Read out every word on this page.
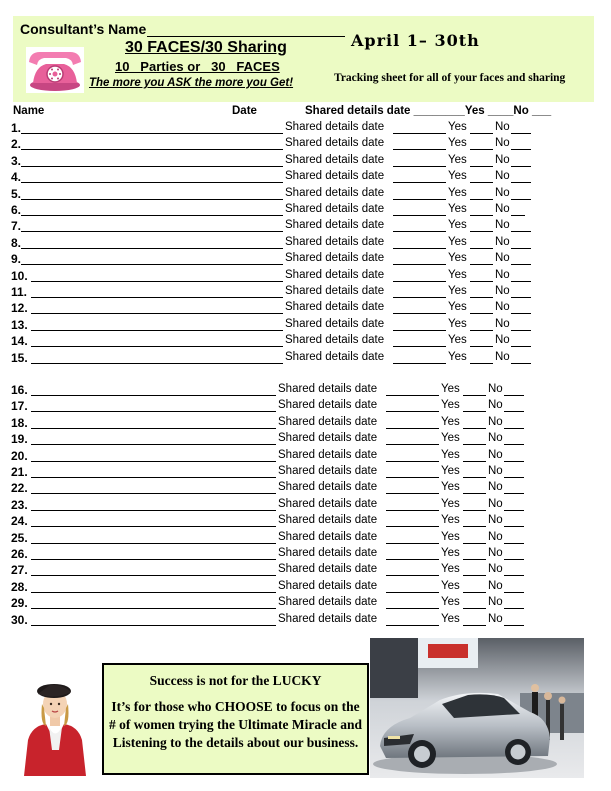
Consultant’s Name
30 FACES/30 Sharing
10   Parties or   30   FACES
The more you ASK the more you Get!
April 1– 30th
Tracking sheet for all of your faces and sharing
Name	Date	Shared details date ________Yes ____No ___
1.	Shared details date	Yes No
2.	Shared details date	Yes No
3.	Shared details date	Yes No
4.	Shared details date	Yes No
5.	Shared details date	Yes No
6.	Shared details date	Yes No
7.	Shared details date	Yes No
8.	Shared details date	Yes No
9.	Shared details date	Yes No
10.	Shared details date	Yes No
11.	Shared details date	Yes No
12.	Shared details date	Yes No
13.	Shared details date	Yes No
14.	Shared details date	Yes No
15.	Shared details date	Yes No
16.	Shared details date	Yes No
17.	Shared details date	Yes No
18.	Shared details date	Yes No
19.	Shared details date	Yes No
20.	Shared details date	Yes No
21.	Shared details date	Yes No
22.	Shared details date	Yes No
23.	Shared details date	Yes No
24.	Shared details date	Yes No
25.	Shared details date	Yes No
26.	Shared details date	Yes No
27.	Shared details date	Yes No
28.	Shared details date	Yes No
29.	Shared details date	Yes No
30.	Shared details date	Yes No
Success is not for the LUCKY
It’s for those who CHOOSE to focus on the # of women trying the Ultimate Miracle and Listening to the details about our business.
